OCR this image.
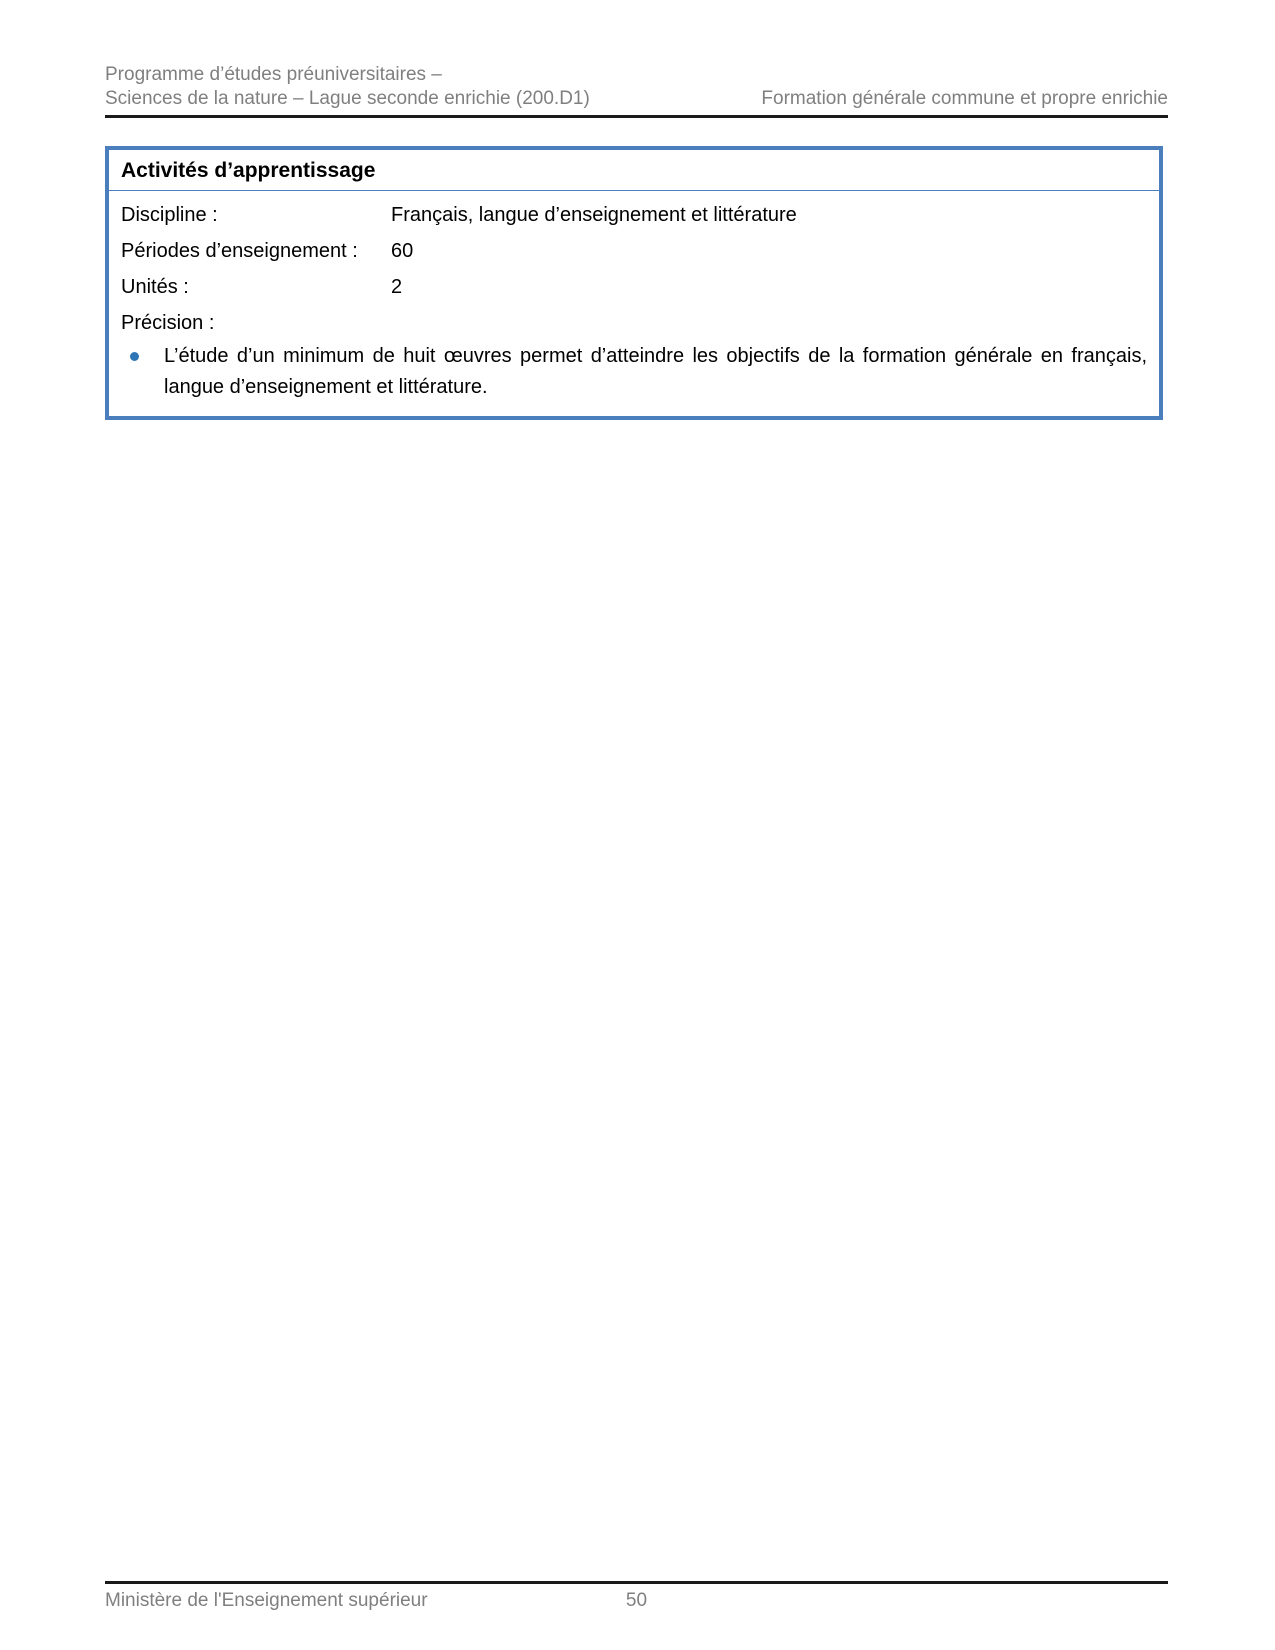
Programme d’études préuniversitaires –
Sciences de la nature – Lague seconde enrichie (200.D1)	Formation générale commune et propre enrichie
Activités d’apprentissage
Discipline :	Français, langue d’enseignement et littérature
Périodes d’enseignement :	60
Unités :	2
Précision :
L’étude d’un minimum de huit œuvres permet d’atteindre les objectifs de la formation générale en français, langue d’enseignement et littérature.
Ministère de l'Enseignement supérieur	50
